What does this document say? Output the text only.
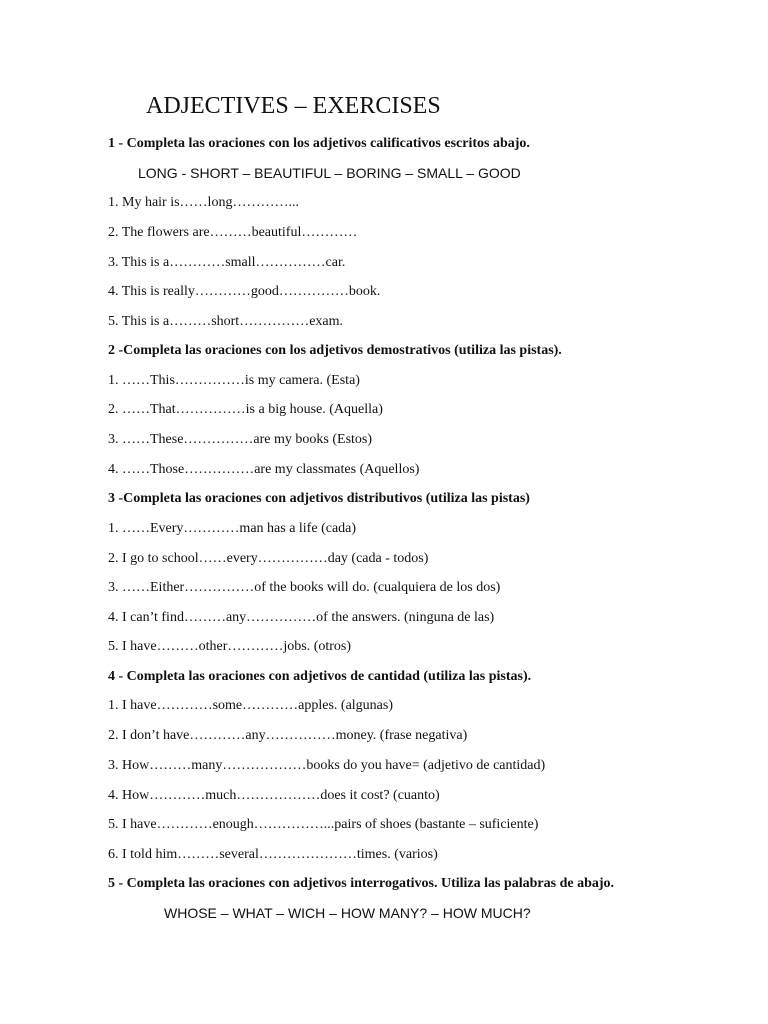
ADJECTIVES – EXERCISES
1 - Completa las oraciones con los adjetivos calificativos escritos abajo.
LONG - SHORT – BEAUTIFUL – BORING – SMALL – GOOD
1. My hair is……long…………...
2. The flowers are………beautiful…………
3. This is a…………small……………car.
4. This is really…………good……………book.
5. This is a………short……………exam.
2 -Completa las oraciones con los adjetivos demostrativos (utiliza las pistas).
1. ……This……………is my camera. (Esta)
2. ……That……………is a big house. (Aquella)
3. ……These……………are my books (Estos)
4. ……Those……………are my classmates (Aquellos)
3 -Completa las oraciones con adjetivos distributivos (utiliza las pistas)
1. ……Every…………man has a life (cada)
2. I go to school……every……………day (cada - todos)
3. ……Either……………of the books will do. (cualquiera de los dos)
4. I can’t find………any……………of the answers. (ninguna de las)
5. I have………other…………jobs. (otros)
4 - Completa las oraciones con adjetivos de cantidad (utiliza las pistas).
1. I have…………some…………apples. (algunas)
2. I don’t have…………any……………money. (frase negativa)
3. How………many………………books do you have= (adjetivo de cantidad)
4. How…………much………………does it cost? (cuanto)
5. I have…………enough……………...pairs of shoes (bastante – suficiente)
6. I told him………several…………………times. (varios)
5 - Completa las oraciones con adjetivos interrogativos. Utiliza las palabras de abajo.
WHOSE – WHAT – WICH – HOW MANY? – HOW MUCH?
